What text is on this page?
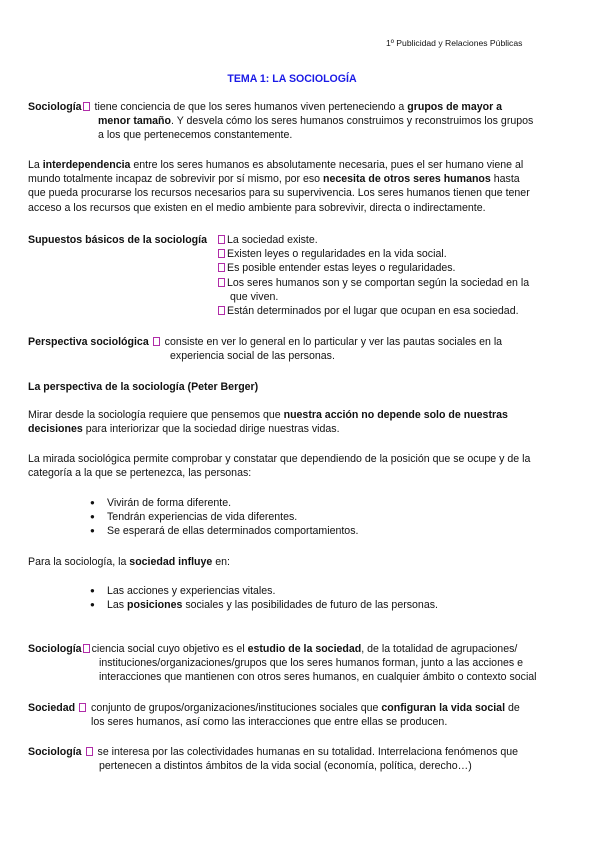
1º Publicidad y Relaciones Públicas
TEMA 1: LA SOCIOLOGÍA
Sociología tiene conciencia de que los seres humanos viven perteneciendo a grupos de mayor a
menor tamaño. Y desvela cómo los seres humanos construimos y reconstruimos los grupos
a los que pertenecemos constantemente.
La interdependencia entre los seres humanos es absolutamente necesaria, pues el ser humano viene al
mundo totalmente incapaz de sobrevivir por sí mismo, por eso necesita de otros seres humanos hasta
que pueda procurarse los recursos necesarios para su supervivencia. Los seres humanos tienen que tener
acceso a los recursos que existen en el medio ambiente para sobrevivir, directa o indirectamente.
Supuestos básicos de la sociología	La sociedad existe.
Existen leyes o regularidades en la vida social.
Es posible entender estas leyes o regularidades.
Los seres humanos son y se comportan según la sociedad en la
que viven.
Están determinados por el lugar que ocupan en esa sociedad.
Perspectiva sociológica consiste en ver lo general en lo particular y ver las pautas sociales en la
experiencia social de las personas.
La perspectiva de la sociología (Peter Berger)
Mirar desde la sociología requiere que pensemos que nuestra acción no depende solo de nuestras
decisiones para interiorizar que la sociedad dirige nuestras vidas.
La mirada sociológica permite comprobar y constatar que dependiendo de la posición que se ocupe y de la
categoría a la que se pertenezca, las personas:
● Vivirán de forma diferente.
● Tendrán experiencias de vida diferentes.
● Se esperará de ellas determinados comportamientos.
Para la sociología, la sociedad influye en:
● Las acciones y experiencias vitales.
● Las posiciones sociales y las posibilidades de futuro de las personas.
Sociología ciencia social cuyo objetivo es el estudio de la sociedad, de la totalidad de agrupaciones/
instituciones/organizaciones/grupos que los seres humanos forman, junto a las acciones e
interacciones que mantienen con otros seres humanos, en cualquier ámbito o contexto social
Sociedad conjunto de grupos/organizaciones/instituciones sociales que configuran la vida social de
los seres humanos, así como las interacciones que entre ellas se producen.
Sociología se interesa por las colectividades humanas en su totalidad. Interrelaciona fenómenos que
pertenecen a distintos ámbitos de la vida social (economía, política, derecho…)
